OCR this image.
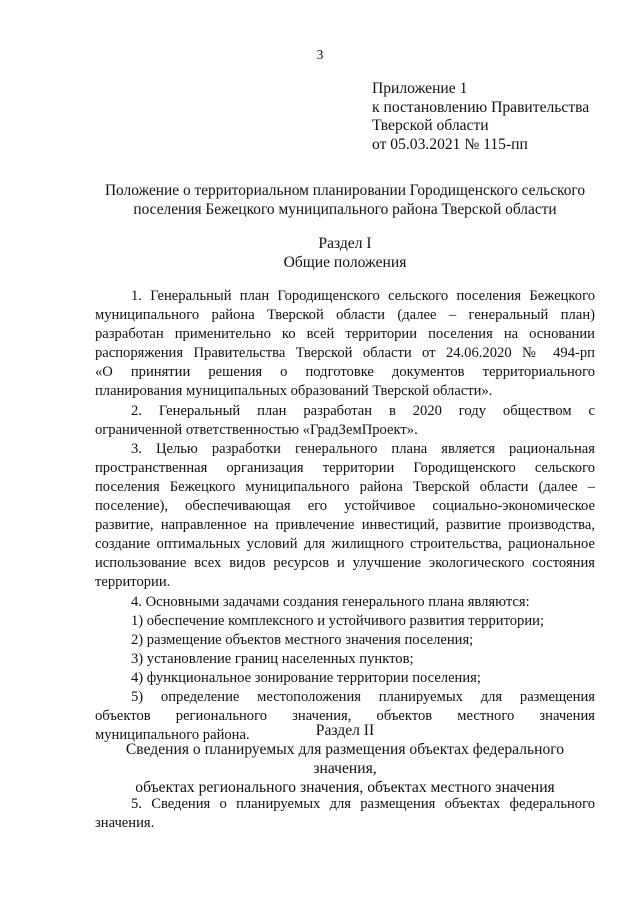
3
Приложение 1
к постановлению Правительства
Тверской области
от 05.03.2021 № 115-пп
Положение о территориальном планировании Городищенского сельского
поселения Бежецкого муниципального района Тверской области
Раздел I
Общие положения
1. Генеральный план Городищенского сельского поселения Бежецкого
муниципального района Тверской области (далее – генеральный план)
разработан применительно ко всей территории поселения на основании
распоряжения Правительства Тверской области от 24.06.2020 № 494-рп
«О принятии решения о подготовке документов территориального
планирования муниципальных образований Тверской области».
2. Генеральный план разработан в 2020 году обществом с
ограниченной ответственностью «ГрадЗемПроект».
3. Целью разработки генерального плана является рациональная
пространственная организация территории Городищенского сельского
поселения Бежецкого муниципального района Тверской области (далее –
поселение), обеспечивающая его устойчивое социально-экономическое
развитие, направленное на привлечение инвестиций, развитие производства,
создание оптимальных условий для жилищного строительства, рациональное
использование всех видов ресурсов и улучшение экологического состояния
территории.
4. Основными задачами создания генерального плана являются:
1) обеспечение комплексного и устойчивого развития территории;
2) размещение объектов местного значения поселения;
3) установление границ населенных пунктов;
4) функциональное зонирование территории поселения;
5) определение местоположения планируемых для размещения
объектов регионального значения, объектов местного значения
муниципального района.	Раздел II
Сведения о планируемых для размещения объектах федерального значения,
объектах регионального значения, объектах местного значения
5. Сведения о планируемых для размещения объектах федерального
значения.
